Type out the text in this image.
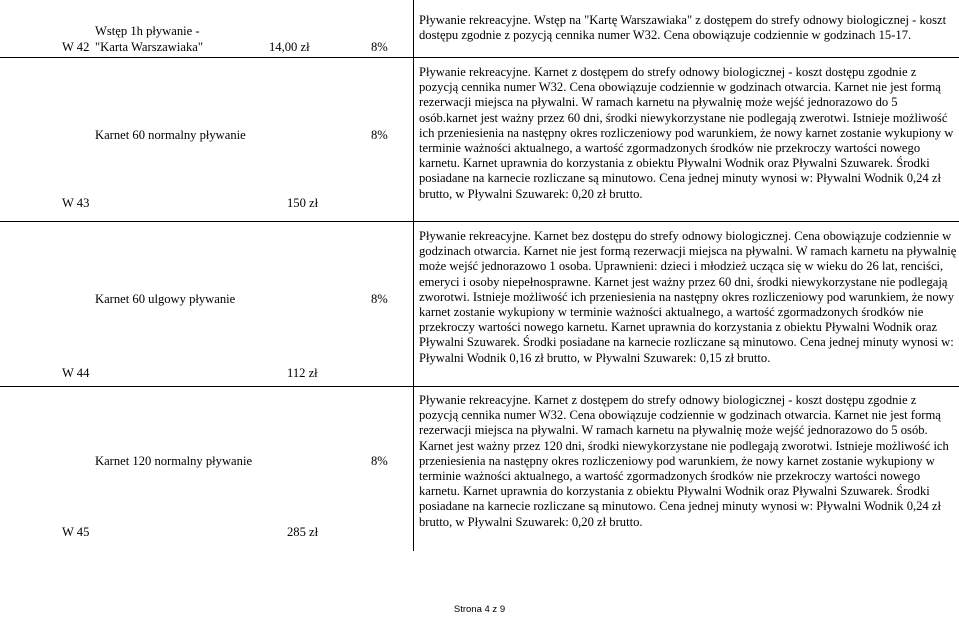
W 42
Wstęp 1h pływanie -
"Karta Warszawiaka"	14,00 zł	8%
Pływanie rekreacyjne. Wstęp na "Kartę Warszawiaka" z dostępem do strefy odnowy biologicznej - koszt dostępu zgodnie z pozycją cennika numer W32. Cena obowiązuje codziennie w godzinach 15-17.
W 43
Karnet 60 normalny pływanie
150 zł
8%
Pływanie rekreacyjne. Karnet z dostępem do strefy odnowy biologicznej - koszt dostępu zgodnie z pozycją cennika numer W32. Cena obowiązuje codziennie w godzinach otwarcia. Karnet nie jest formą rezerwacji miejsca na pływalni. W ramach karnetu na pływalnię może wejść jednorazowo do 5 osób.karnet jest ważny przez 60 dni, środki niewykorzystane nie podlegają zwerotwi. Istnieje możliwość ich przeniesienia na następny okres rozliczeniowy pod warunkiem, że nowy karnet zostanie wykupiony w terminie ważności aktualnego, a wartość zgormadzonych środków nie przekroczy wartości nowego karnetu. Karnet uprawnia do korzystania z obiektu Pływalni Wodnik oraz Pływalni Szuwarek. Środki posiadane na karnecie rozliczane są minutowo. Cena jednej minuty wynosi w: Pływalni Wodnik 0,24 zł brutto, w Pływalni Szuwarek: 0,20 zł brutto.
W 44
Karnet 60 ulgowy pływanie
112 zł
8%
Pływanie rekreacyjne. Karnet bez dostępu do strefy odnowy biologicznej. Cena obowiązuje codziennie w godzinach otwarcia. Karnet nie jest formą rezerwacji miejsca na pływalni. W ramach karnetu na pływalnię może wejść jednorazowo 1 osoba. Uprawnieni: dzieci i młodzież ucząca się w wieku do 26 lat, renciści, emeryci i osoby niepełnosprawne. Karnet jest ważny przez 60 dni, środki niewykorzystane nie podlegają zworotwi. Istnieje możliwość ich przeniesienia na następny okres rozliczeniowy pod warunkiem, że nowy karnet zostanie wykupiony w terminie ważności aktualnego, a wartość zgormadzonych środków nie przekroczy wartości nowego karnetu. Karnet uprawnia do korzystania z obiektu Pływalni Wodnik oraz Pływalni Szuwarek. Środki posiadane na karnecie rozliczane są minutowo. Cena jednej minuty wynosi w: Pływalni Wodnik 0,16 zł brutto, w Pływalni Szuwarek: 0,15 zł brutto.
W 45
Karnet 120 normalny pływanie
285 zł
8%
Pływanie rekreacyjne. Karnet z dostępem do strefy odnowy biologicznej - koszt dostępu zgodnie z pozycją cennika numer W32. Cena obowiązuje codziennie w godzinach otwarcia. Karnet nie jest formą rezerwacji miejsca na pływalni. W ramach karnetu na pływalnię może wejść jednorazowo do 5 osób. Karnet jest ważny przez 120 dni, środki niewykorzystane nie podlegają zworotwi. Istnieje możliwość ich przeniesienia na następny okres rozliczeniowy pod warunkiem, że nowy karnet zostanie wykupiony w terminie ważności aktualnego, a wartość zgormadzonych środków nie przekroczy wartości nowego karnetu. Karnet uprawnia do korzystania z obiektu Pływalni Wodnik oraz Pływalni Szuwarek. Środki posiadane na karnecie rozliczane są minutowo. Cena jednej minuty wynosi w: Pływalni Wodnik 0,24 zł brutto, w Pływalni Szuwarek: 0,20 zł brutto.
Strona 4 z 9
